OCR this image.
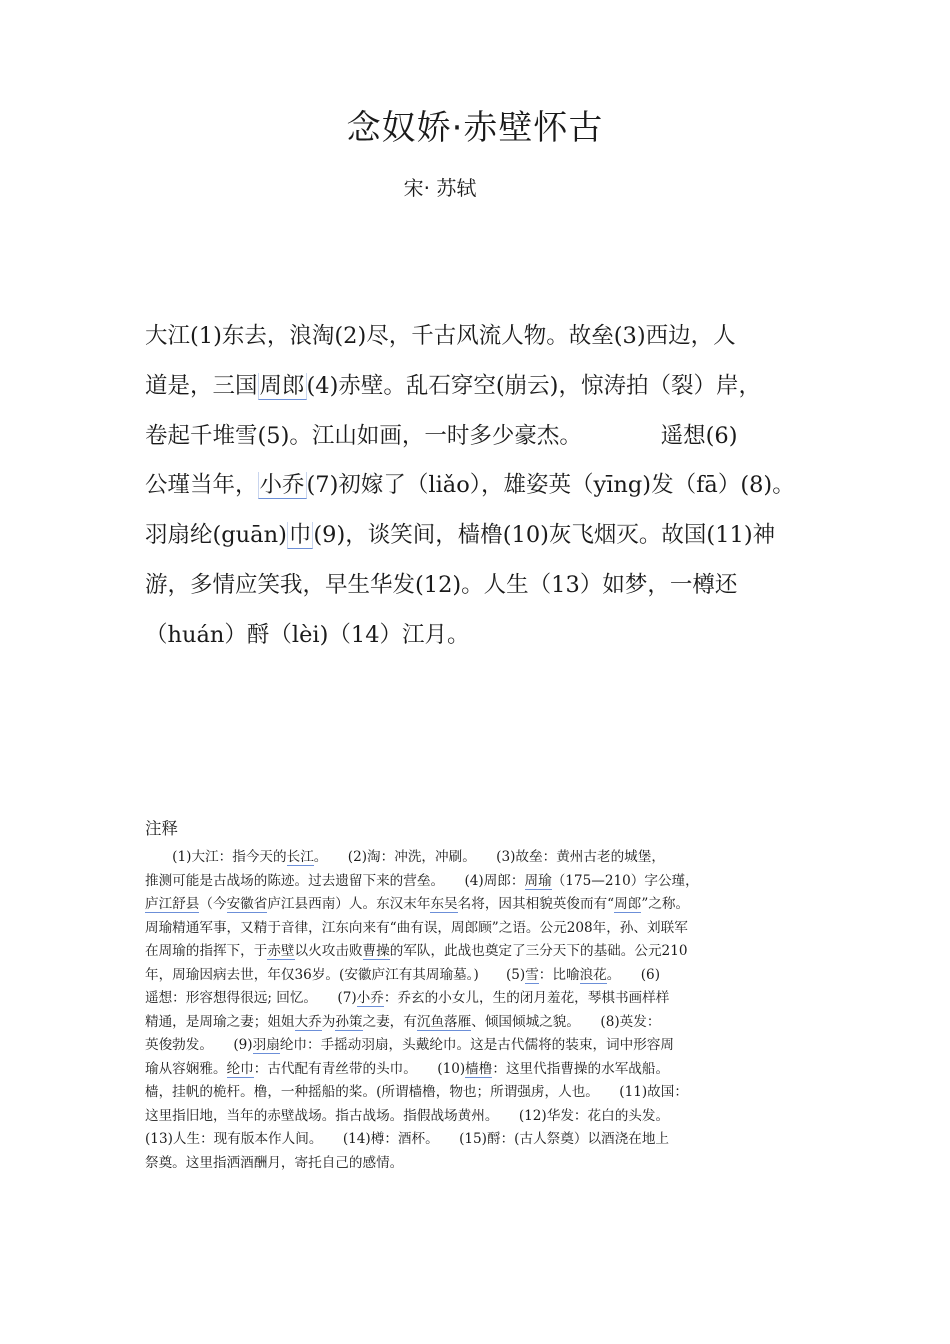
念奴娇·赤壁怀古
宋· 苏轼
大江(1)东去，浪淘(2)尽，千古风流人物。故垒(3)西边，人
道是，三国周郎(4)赤壁。乱石穿空(崩云)，惊涛拍（裂）岸，
卷起千堆雪(5)。江山如画，一时多少豪杰。　　　　遥想(6)
公瑾当年，小乔(7)初嫁了（liǎo），雄姿英（yīng)发（fā）(8)。
羽扇纶(guān)巾(9)，谈笑间，樯橹(10)灰飞烟灭。故国(11)神
游，多情应笑我，早生华发(12)。人生（13）如梦，一樽还
（huán）酹（lèi)（14）江月。
注释
　　(1)大江：指今天的长江。　　(2)淘：冲洗，冲刷。　　(3)故垒：黄州古老的城堡，
推测可能是古战场的陈迹。过去遗留下来的营垒。　　(4)周郎：周瑜（175—210）字公瑾，
庐江舒县（今安徽省庐江县西南）人。东汉末年东吴名将，因其相貌英俊而有“周郎”之称。
周瑜精通军事，又精于音律，江东向来有“曲有误，周郎顾”之语。公元208年，孙、刘联军
在周瑜的指挥下，于赤壁以火攻击败曹操的军队，此战也奠定了三分天下的基础。公元210
年，周瑜因病去世，年仅36岁。(安徽庐江有其周瑜墓。)　　(5)雪：比喻浪花。　　(6)
遥想：形容想得很远; 回忆。　　(7)小乔：乔玄的小女儿，生的闭月羞花，琴棋书画样样
精通，是周瑜之妻；姐姐大乔为孙策之妻，有沉鱼落雁、倾国倾城之貌。　　(8)英发：
英俊勃发。　　(9)羽扇纶巾：手摇动羽扇，头戴纶巾。这是古代儒将的装束，词中形容周
瑜从容娴雅。纶巾：古代配有青丝带的头巾。　　(10)樯橹：这里代指曹操的水军战船。
樯，挂帆的桅杆。橹，一种摇船的桨。(所谓樯橹，物也；所谓强虏，人也。　　(11)故国：
这里指旧地，当年的赤壁战场。指古战场。指假战场黄州。　　(12)华发：花白的头发。
(13)人生：现有版本作人间。　　(14)樽：酒杯。　　(15)酹：(古人祭奠）以酒浇在地上
祭奠。这里指洒酒酬月，寄托自己的感情。
